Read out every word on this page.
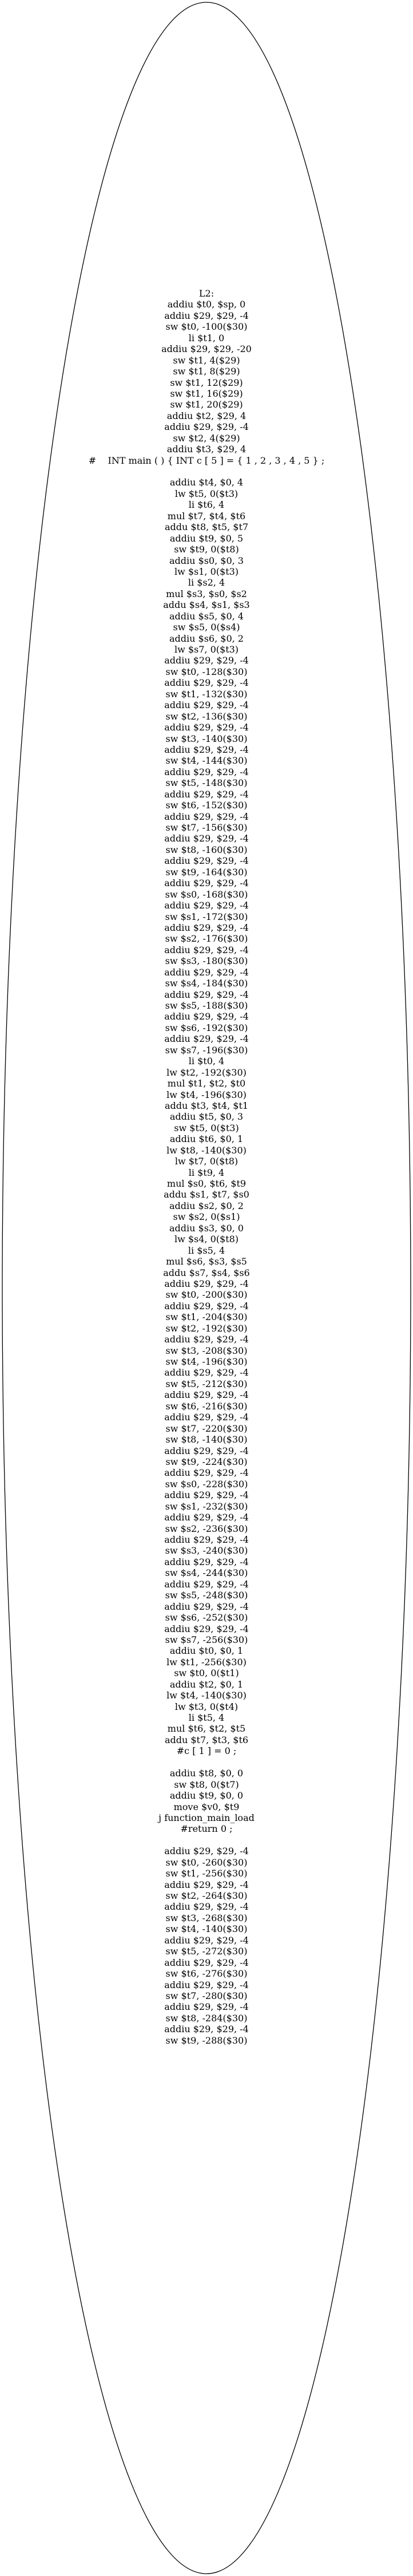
L2:
addiu $t0, $sp, 0
addiu $29, $29, -4
sw $t0, -100($30)
li $t1, 0
addiu $29, $29, -20
sw $t1, 4($29)
sw $t1, 8($29)
sw $t1, 12($29)
sw $t1, 16($29)
sw $t1, 20($29)
addiu $t2, $29, 4
addiu $29, $29, -4
sw $t2, 4($29)
addiu $t3, $29, 4
#    INT main ( ) { INT c [ 5 ] = { 1 , 2 , 3 , 4 , 5 } ;
addiu $t4, $0, 4
lw $t5, 0($t3)
li $t6, 4
mul $t7, $t4, $t6
addu $t8, $t5, $t7
addiu $t9, $0, 5
sw $t9, 0($t8)
addiu $s0, $0, 3
lw $s1, 0($t3)
li $s2, 4
mul $s3, $s0, $s2
addu $s4, $s1, $s3
addiu $s5, $0, 4
sw $s5, 0($s4)
addiu $s6, $0, 2
lw $s7, 0($t3)
addiu $29, $29, -4
sw $t0, -128($30)
addiu $29, $29, -4
sw $t1, -132($30)
addiu $29, $29, -4
sw $t2, -136($30)
addiu $29, $29, -4
sw $t3, -140($30)
addiu $29, $29, -4
sw $t4, -144($30)
addiu $29, $29, -4
sw $t5, -148($30)
addiu $29, $29, -4
sw $t6, -152($30)
addiu $29, $29, -4
sw $t7, -156($30)
addiu $29, $29, -4
sw $t8, -160($30)
addiu $29, $29, -4
sw $t9, -164($30)
addiu $29, $29, -4
sw $s0, -168($30)
addiu $29, $29, -4
sw $s1, -172($30)
addiu $29, $29, -4
sw $s2, -176($30)
addiu $29, $29, -4
sw $s3, -180($30)
addiu $29, $29, -4
sw $s4, -184($30)
addiu $29, $29, -4
sw $s5, -188($30)
addiu $29, $29, -4
sw $s6, -192($30)
addiu $29, $29, -4
sw $s7, -196($30)
li $t0, 4
lw $t2, -192($30)
mul $t1, $t2, $t0
lw $t4, -196($30)
addu $t3, $t4, $t1
addiu $t5, $0, 3
sw $t5, 0($t3)
addiu $t6, $0, 1
lw $t8, -140($30)
lw $t7, 0($t8)
li $t9, 4
mul $s0, $t6, $t9
addu $s1, $t7, $s0
addiu $s2, $0, 2
sw $s2, 0($s1)
addiu $s3, $0, 0
lw $s4, 0($t8)
li $s5, 4
mul $s6, $s3, $s5
addu $s7, $s4, $s6
addiu $29, $29, -4
sw $t0, -200($30)
addiu $29, $29, -4
sw $t1, -204($30)
sw $t2, -192($30)
addiu $29, $29, -4
sw $t3, -208($30)
sw $t4, -196($30)
addiu $29, $29, -4
sw $t5, -212($30)
addiu $29, $29, -4
sw $t6, -216($30)
addiu $29, $29, -4
sw $t7, -220($30)
sw $t8, -140($30)
addiu $29, $29, -4
sw $t9, -224($30)
addiu $29, $29, -4
sw $s0, -228($30)
addiu $29, $29, -4
sw $s1, -232($30)
addiu $29, $29, -4
sw $s2, -236($30)
addiu $29, $29, -4
sw $s3, -240($30)
addiu $29, $29, -4
sw $s4, -244($30)
addiu $29, $29, -4
sw $s5, -248($30)
addiu $29, $29, -4
sw $s6, -252($30)
addiu $29, $29, -4
sw $s7, -256($30)
addiu $t0, $0, 1
lw $t1, -256($30)
sw $t0, 0($t1)
addiu $t2, $0, 1
lw $t4, -140($30)
lw $t3, 0($t4)
li $t5, 4
mul $t6, $t2, $t5
addu $t7, $t3, $t6
#c [ 1 ] = 0 ;
addiu $t8, $0, 0
sw $t8, 0($t7)
addiu $t9, $0, 0
move $v0, $t9
j function_main_load
#return 0 ;
addiu $29, $29, -4
sw $t0, -260($30)
sw $t1, -256($30)
addiu $29, $29, -4
sw $t2, -264($30)
addiu $29, $29, -4
sw $t3, -268($30)
sw $t4, -140($30)
addiu $29, $29, -4
sw $t5, -272($30)
addiu $29, $29, -4
sw $t6, -276($30)
addiu $29, $29, -4
sw $t7, -280($30)
addiu $29, $29, -4
sw $t8, -284($30)
addiu $29, $29, -4
sw $t9, -288($30)
